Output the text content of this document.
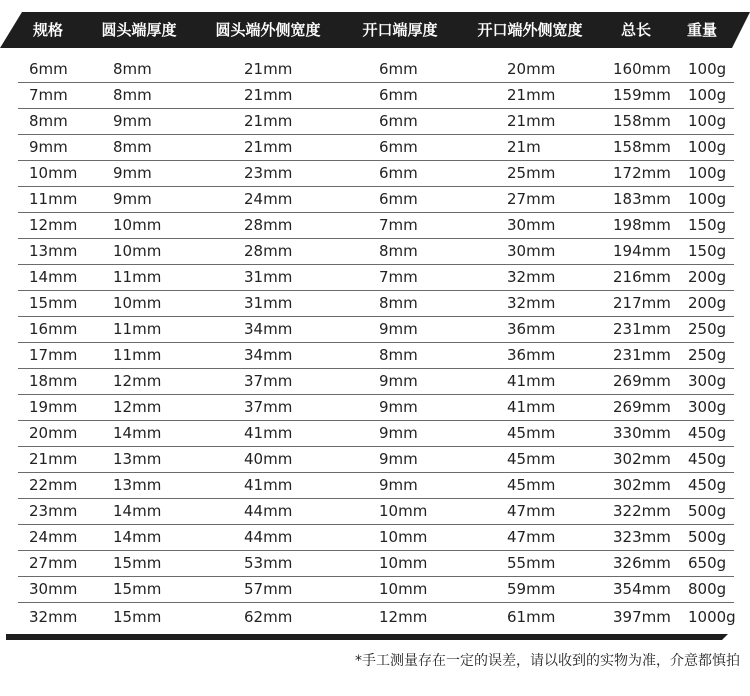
规格	圆头端厚度	圆头端外侧宽度	开口端厚度	开口端外侧宽度	总长 重量
6mm	8mm	21mm	6mm	20mm	160mm 100g
7mm	8mm	21mm	6mm	21mm	159mm 100g
8mm	9mm	21mm	6mm	21mm	158mm 100g
9mm	8mm	21mm	6mm	21m	158mm 100g
10mm 9mm	23mm	6mm	25mm	172mm 100g
11mm 9mm	24mm	6mm	27mm	183mm 100g
12mm 10mm	28mm	7mm	30mm	198mm 150g
13mm 10mm	28mm	8mm	30mm	194mm 150g
14mm 11mm	31mm	7mm	32mm	216mm 200g
15mm 10mm	31mm	8mm	32mm	217mm 200g
16mm 11mm	34mm	9mm	36mm	231mm 250g
17mm 11mm	34mm	8mm	36mm	231mm 250g
18mm 12mm	37mm	9mm	41mm	269mm 300g
19mm 12mm	37mm	9mm	41mm	269mm 300g
20mm 14mm	41mm	9mm	45mm	330mm 450g
21mm 13mm	40mm	9mm	45mm	302mm 450g
22mm 13mm	41mm	9mm	45mm	302mm 450g
23mm 14mm	44mm	10mm	47mm	322mm 500g
24mm 14mm	44mm	10mm	47mm	323mm 500g
27mm 15mm	53mm	10mm	55mm	326mm 650g
30mm 15mm	57mm	10mm	59mm	354mm 800g
32mm 15mm	62mm	12mm	61mm	397mm 1000g
*手工测量存在一定的误差，请以收到的实物为准，介意都慎拍
